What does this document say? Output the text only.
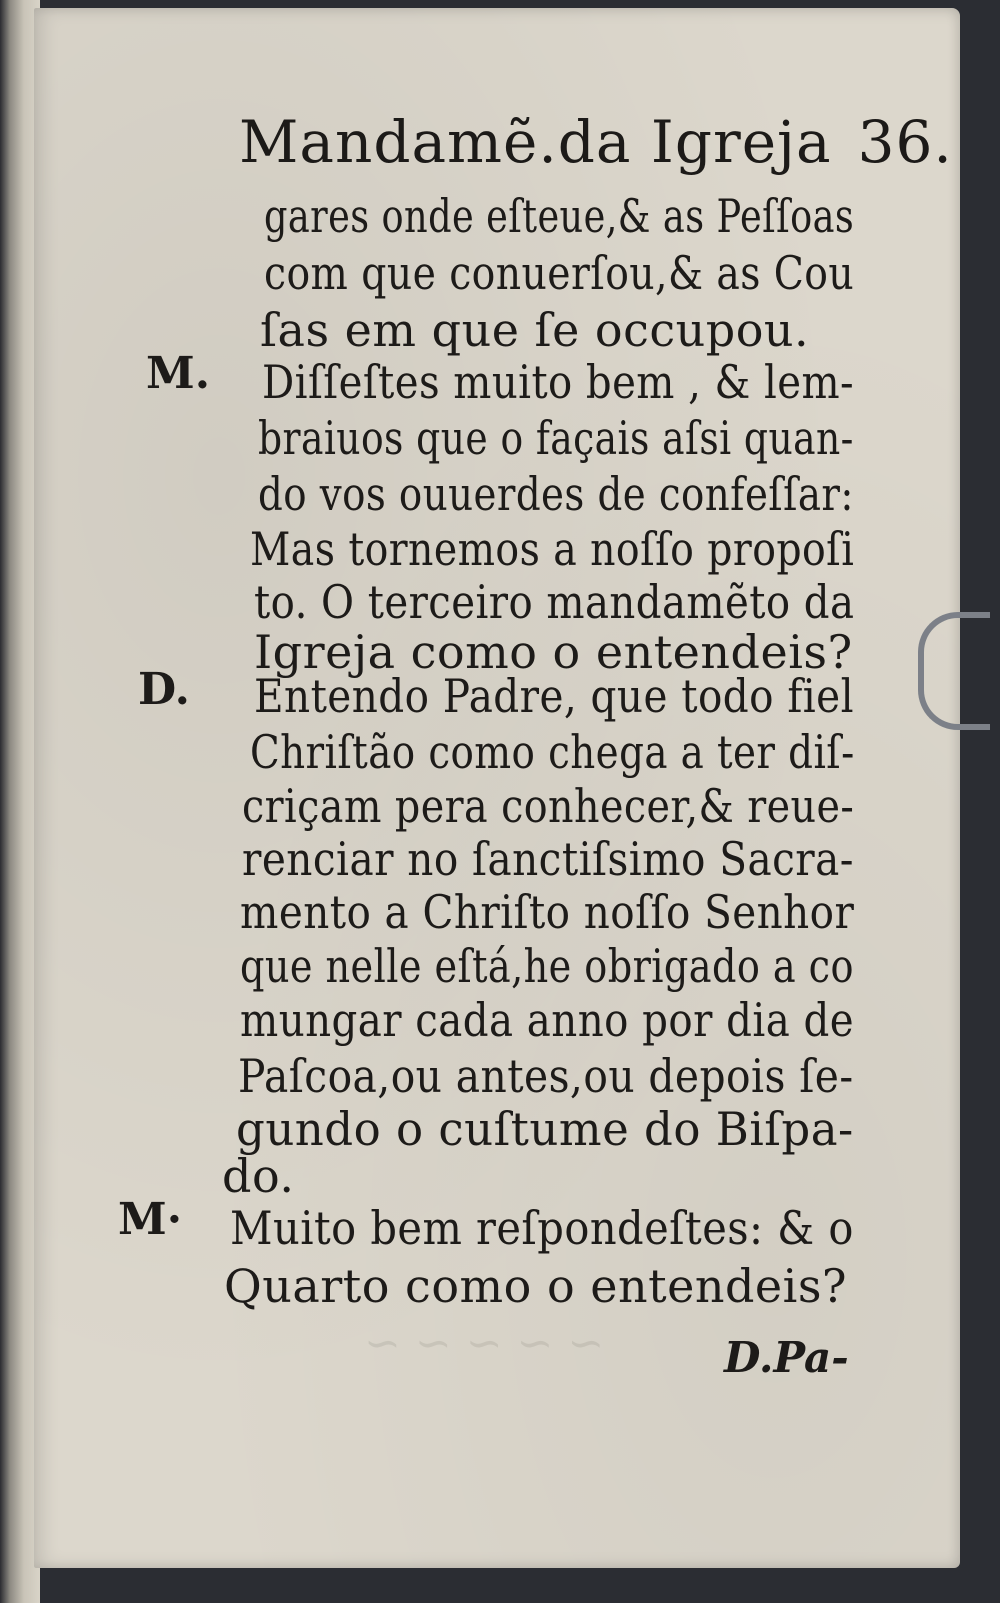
~ ~ ~ ~ ~
Mandamẽ.da Igreja 36.
M.
D.
M·
gares onde eſteue,& as Peſſoas
com que conuerſou,& as Cou
ſas em que ſe occupou.
Diſſeſtes muito bem , & lem-
braiuos que o façais aſsi quan-
do vos ouuerdes de confeſſar:
Mas tornemos a noſſo propoſi
to. O terceiro mandamẽto da
Igreja como o entendeis?
Entendo Padre, que todo fiel
Chriſtão como chega a ter diſ-
criçam pera conhecer,& reue-
renciar no ſanctiſsimo Sacra-
mento a Chriſto noſſo Senhor
que nelle eſtá,he obrigado a co
mungar cada anno por dia de
Paſcoa,ou antes,ou depois ſe-
gundo o cuſtume do Biſpa-
do.
Muito bem reſpondeſtes: & o
Quarto como o entendeis?
D.Pa-
